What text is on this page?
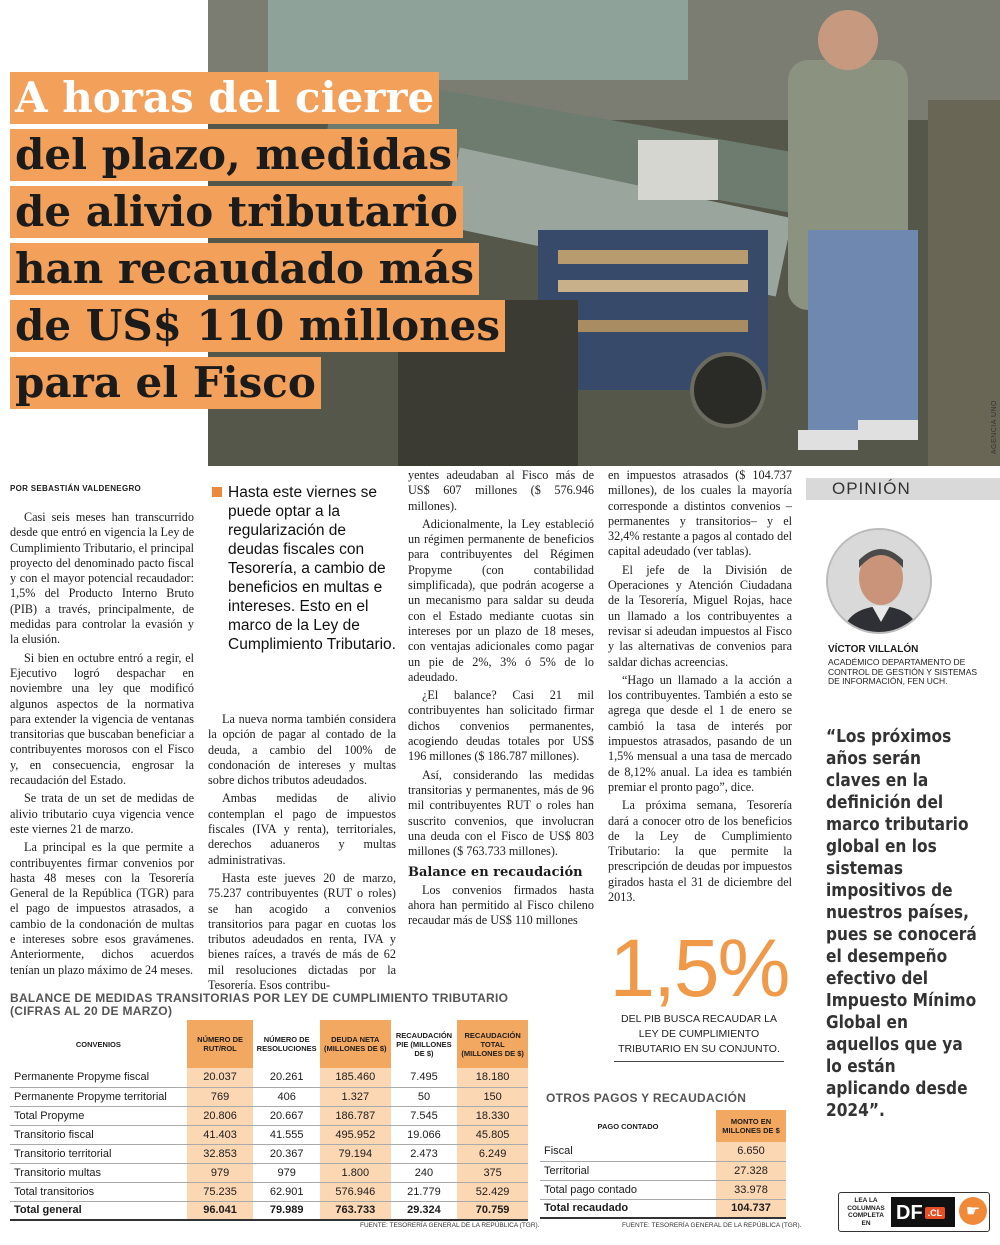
AGENCIA UNO
A horas del cierre
del plazo, medidas
de alivio tributario
han recaudado más
de US$ 110 millones
para el Fisco
POR SEBASTIÁN VALDENEGRO

Casi seis meses han transcurrido desde que entró en vigencia la Ley de Cumplimiento Tributario, el principal proyecto del denominado pacto fiscal y con el mayor potencial recaudador: 1,5% del Producto Interno Bruto (PIB) a través, principalmente, de medidas para controlar la evasión y la elusión.

Si bien en octubre entró a regir, el Ejecutivo logró despachar en noviembre una ley que modificó algunos aspectos de la normativa para extender la vigencia de ventanas transitorias que buscaban beneficiar a contribuyentes morosos con el Fisco y, en consecuencia, engrosar la recaudación del Estado.

Se trata de un set de medidas de alivio tributario cuya vigencia vence este viernes 21 de marzo.

La principal es la que permite a contribuyentes firmar convenios por hasta 48 meses con la Tesorería General de la República (TGR) para el pago de impuestos atrasados, a cambio de la condonación de multas e intereses sobre esos gravámenes. Anteriormente, dichos acuerdos tenían un plazo máximo de 24 meses.

Hasta este viernes se puede optar a la regularización de deudas fiscales con Tesorería, a cambio de beneficios en multas e intereses. Esto en el marco de la Ley de Cumplimiento Tributario.

La nueva norma también considera la opción de pagar al contado de la deuda, a cambio del 100% de condonación de intereses y multas sobre dichos tributos adeudados.

Ambas medidas de alivio contemplan el pago de impuestos fiscales (IVA y renta), territoriales, derechos aduaneros y multas administrativas.

Hasta este jueves 20 de marzo, 75.237 contribuyentes (RUT o roles) se han acogido a convenios transitorios para pagar en cuotas los tributos adeudados en renta, IVA y bienes raíces, a través de más de 62 mil resoluciones dictadas por la Tesorería. Esos contribu-

yentes adeudaban al Fisco más de US$ 607 millones ($ 576.946 millones).

Adicionalmente, la Ley estableció un régimen permanente de beneficios para contribuyentes del Régimen Propyme (con contabilidad simplificada), que podrán acogerse a un mecanismo para saldar su deuda con el Estado mediante cuotas sin intereses por un plazo de 18 meses, con ventajas adicionales como pagar un pie de 2%, 3% ó 5% de lo adeudado.

¿El balance? Casi 21 mil contribuyentes han solicitado firmar dichos convenios permanentes, acogiendo deudas totales por US$ 196 millones ($ 186.787 millones).

Así, considerando las medidas transitorias y permanentes, más de 96 mil contribuyentes RUT o roles han suscrito convenios, que involucran una deuda con el Fisco de US$ 803 millones ($ 763.733 millones).

Balance en recaudación

Los convenios firmados hasta ahora han permitido al Fisco chileno recaudar más de US$ 110 millones

en impuestos atrasados ($ 104.737 millones), de los cuales la mayoría corresponde a distintos convenios –permanentes y transitorios– y el 32,4% restante a pagos al contado del capital adeudado (ver tablas).

El jefe de la División de Operaciones y Atención Ciudadana de la Tesorería, Miguel Rojas, hace un llamado a los contribuyentes a revisar si adeudan impuestos al Fisco y las alternativas de convenios para saldar dichas acreencias.

“Hago un llamado a la acción a los contribuyentes. También a esto se agrega que desde el 1 de enero se cambió la tasa de interés por impuestos atrasados, pasando de un 1,5% mensual a una tasa de mercado de 8,12% anual. La idea es también premiar el pronto pago”, dice.

La próxima semana, Tesorería dará a conocer otro de los beneficios de la Ley de Cumplimiento Tributario: la que permite la prescripción de deudas por impuestos girados hasta el 31 de diciembre del 2013.

1,5%
DEL PIB BUSCA RECAUDAR LA LEY DE CUMPLIMIENTO TRIBUTARIO EN SU CONJUNTO.
OPINIÓN
VÍCTOR VILLALÓN
ACADÉMICO DEPARTAMENTO DE CONTROL DE GESTIÓN Y SISTEMAS DE INFORMACIÓN, FEN UCH.
“Los próximos años serán claves en la definición del marco tributario global en los sistemas impositivos de nuestros países, pues se conocerá el desempeño efectivo del Impuesto Mínimo Global en aquellos que ya lo están aplicando desde 2024”.
BALANCE DE MEDIDAS TRANSITORIAS POR LEY DE CUMPLIMIENTO TRIBUTARIO (CIFRAS AL 20 DE MARZO)
CONVENIOS	NÚMERO DE RUT/ROL	NÚMERO DE RESOLUCIONES	DEUDA NETA (MILLONES DE $)	RECAUDACIÓN PIE (MILLONES DE $)	RECAUDACIÓN TOTAL (MILLONES DE $)
Permanente Propyme fiscal	20.037	20.261	185.460	7.495	18.180
Permanente Propyme territorial	769	406	1.327	50	150
Total Propyme	20.806	20.667	186.787	7.545	18.330
Transitorio fiscal	41.403	41.555	495.952	19.066	45.805
Transitorio territorial	32.853	20.367	79.194	2.473	6.249
Transitorio multas	979	979	1.800	240	375
Total transitorios	75.235	62.901	576.946	21.779	52.429
Total general	96.041	79.989	763.733	29.324	70.759
FUENTE: TESORERÍA GENERAL DE LA REPÚBLICA (TGR).
OTROS PAGOS Y RECAUDACIÓN
PAGO CONTADO	MONTO EN MILLONES DE $
Fiscal	6.650
Territorial	27.328
Total pago contado	33.978
Total recaudado	104.737
FUENTE: TESORERÍA GENERAL DE LA REPÚBLICA (TGR).
LEA LA COLUMNAS COMPLETA EN	DF .CL	☛
